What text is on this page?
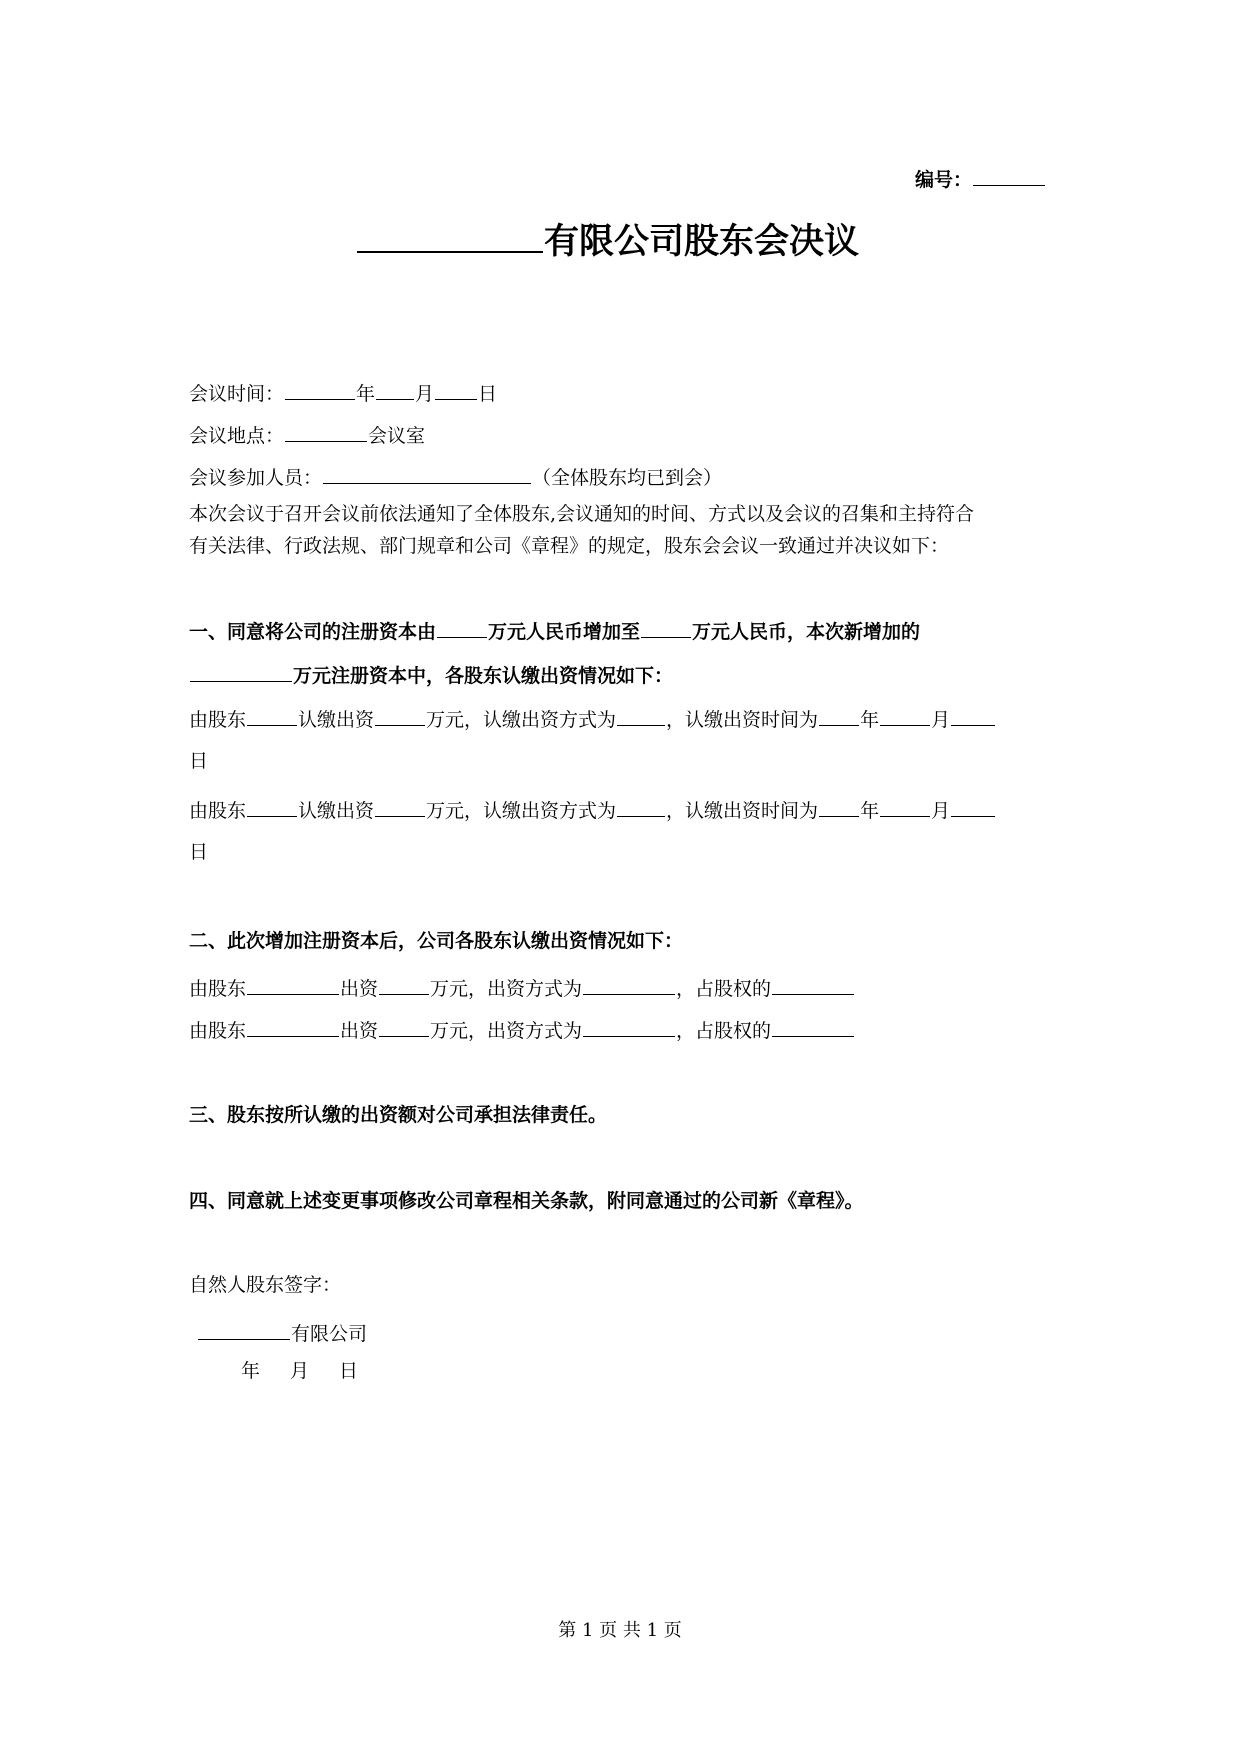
编号：
有限公司股东会决议
会议时间：	年 月 日
会议地点：	会议室
会议参加人员：	（全体股东均已到会）
本次会议于召开会议前依法通知了全体股东,会议通知的时间、方式以及会议的召集和主持符合
有关法律、行政法规、部门规章和公司《章程》的规定，股东会会议一致通过并决议如下：
一、同意将公司的注册资本由	万元人民币增加至	万元人民币，本次新增加的
万元注册资本中，各股东认缴出资情况如下：
由股东	认缴出资	万元，认缴出资方式为	，认缴出资时间为 年	月
日
由股东	认缴出资	万元，认缴出资方式为	，认缴出资时间为 年	月
日
二、此次增加注册资本后，公司各股东认缴出资情况如下：
由股东	出资	万元，出资方式为	，占股权的
由股东	出资	万元，出资方式为	，占股权的
三、股东按所认缴的出资额对公司承担法律责任。
四、同意就上述变更事项修改公司章程相关条款，附同意通过的公司新《章程》。
自然人股东签字：
有限公司
年 月 日
第 1 页 共 1 页
